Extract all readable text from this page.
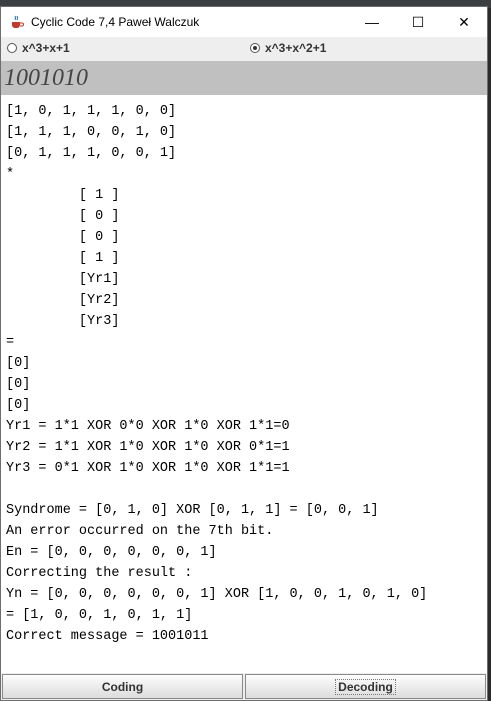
Cyclic Code 7,4 Paweł Walczuk	— ☐ ✕
x^3+x+1	x^3+x^2+1
1001010
[1, 0, 1, 1, 1, 0, 0]
[1, 1, 1, 0, 0, 1, 0]
[0, 1, 1, 1, 0, 0, 1]
*
[ 1 ]
[ 0 ]
[ 0 ]
[ 1 ]
[Yr1]
[Yr2]
[Yr3]
=
[0]
[0]
[0]
Yr1 = 1*1 XOR 0*0 XOR 1*0 XOR 1*1=0
Yr2 = 1*1 XOR 1*0 XOR 1*0 XOR 0*1=1
Yr3 = 0*1 XOR 1*0 XOR 1*0 XOR 1*1=1

Syndrome = [0, 1, 0] XOR [0, 1, 1] = [0, 0, 1]
An error occurred on the 7th bit.
En = [0, 0, 0, 0, 0, 0, 1]
Correcting the result :
Yn = [0, 0, 0, 0, 0, 0, 1] XOR [1, 0, 0, 1, 0, 1, 0]
= [1, 0, 0, 1, 0, 1, 1]
Correct message = 1001011
Coding	Decoding
